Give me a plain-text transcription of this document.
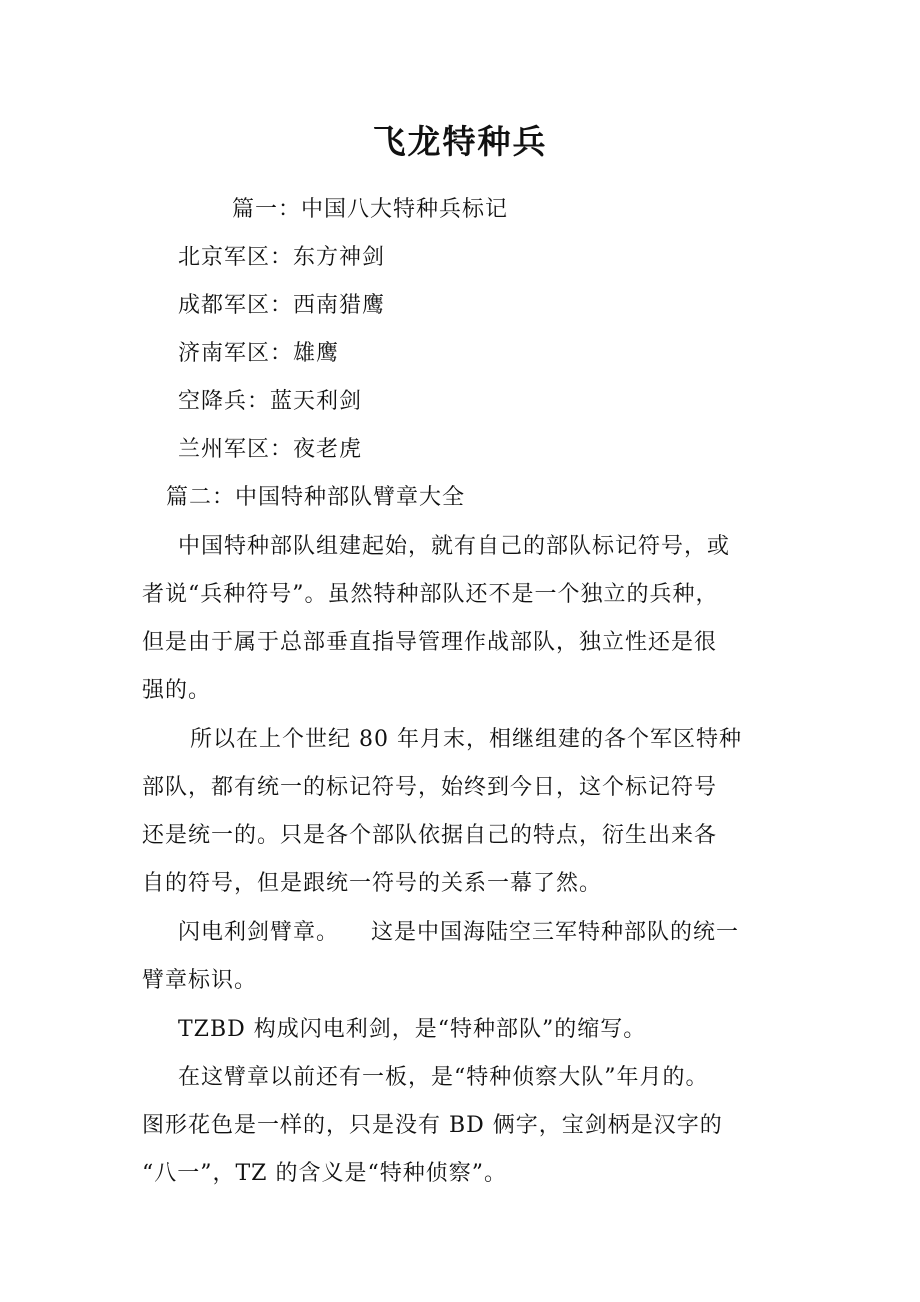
飞龙特种兵
篇一：中国八大特种兵标记
北京军区：东方神剑
成都军区：西南猎鹰
济南军区：雄鹰
空降兵：蓝天利剑
兰州军区：夜老虎
篇二：中国特种部队臂章大全
中国特种部队组建起始，就有自己的部队标记符号，或
者说“兵种符号”。虽然特种部队还不是一个独立的兵种，
但是由于属于总部垂直指导管理作战部队，独立性还是很
强的。
所以在上个世纪 80 年月末，相继组建的各个军区特种
部队，都有统一的标记符号，始终到今日，这个标记符号
还是统一的。只是各个部队依据自己的特点，衍生出来各
自的符号，但是跟统一符号的关系一幕了然。
闪电利剑臂章。    这是中国海陆空三军特种部队的统一
臂章标识。
TZBD 构成闪电利剑，是“特种部队”的缩写。
在这臂章以前还有一板，是“特种侦察大队”年月的。
图形花色是一样的，只是没有 BD 俩字，宝剑柄是汉字的
“八一”，TZ 的含义是“特种侦察”。
